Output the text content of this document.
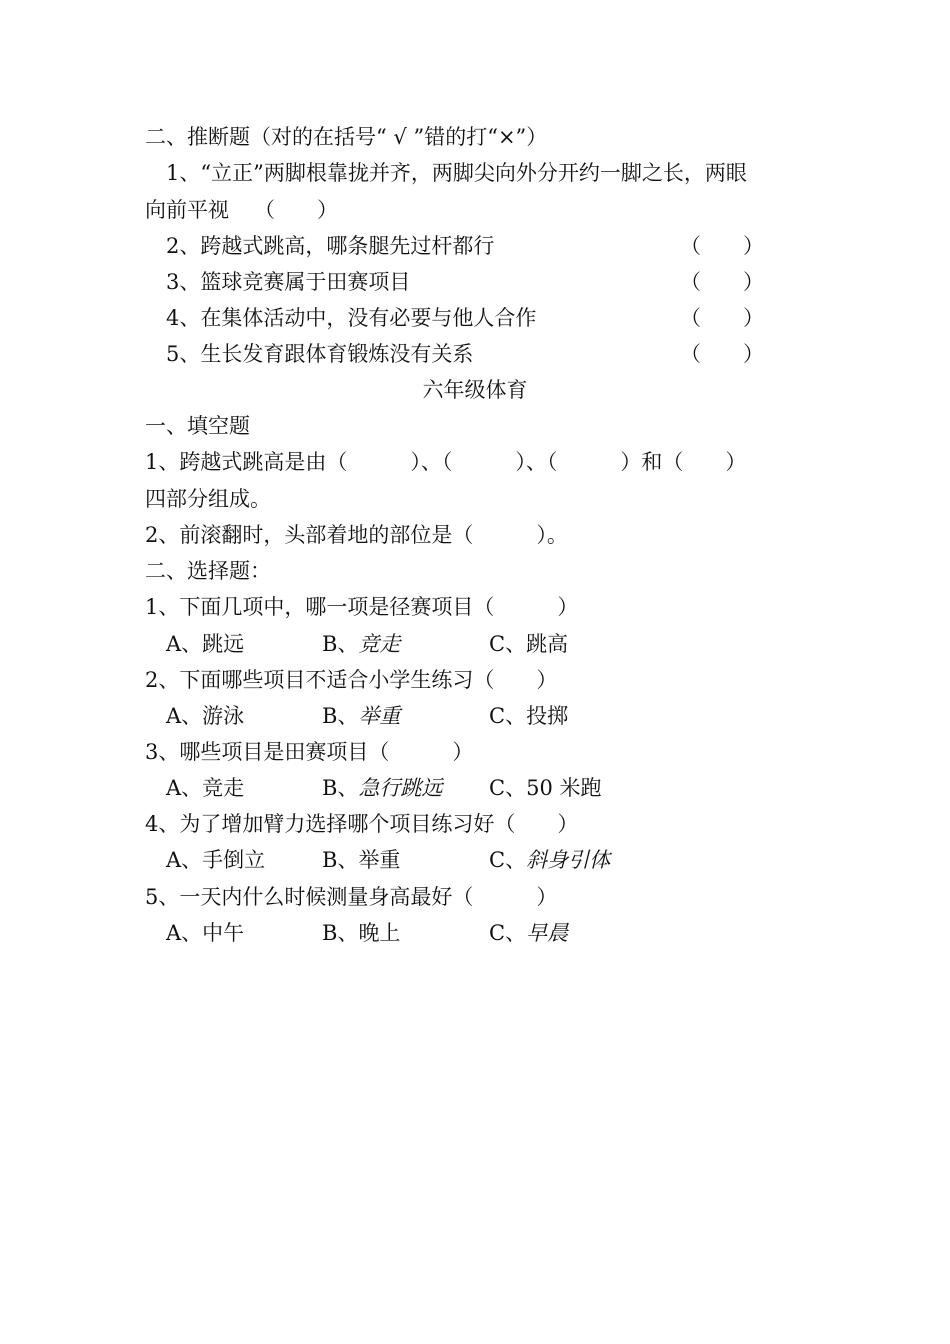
二、推断题（对的在括号“ √ ”错的打“×”）
1、“立正”两脚根靠拢并齐，两脚尖向外分开约一脚之长，两眼
向前平视 （　　）
2、跨越式跳高，哪条腿先过杆都行	（　　）
3、篮球竞赛属于田赛项目	（　　）
4、在集体活动中，没有必要与他人合作	（　　）
5、生长发育跟体育锻炼没有关系	（　　）
六年级体育
一、填空题
1、跨越式跳高是由（　　　）、（　　　）、（　　　）和（　　）
四部分组成。
2、前滚翻时，头部着地的部位是（　　　）。
二、选择题：
1、下面几项中，哪一项是径赛项目（　　　）
A、跳远	B、竞走	C、跳高
2、下面哪些项目不适合小学生练习（　　）
A、游泳	B、举重	C、投掷
3、哪些项目是田赛项目（　　　）
A、竞走	B、急行跳远 C、50 米跑
4、为了增加臂力选择哪个项目练习好（　　）
A、手倒立	B、举重	C、斜身引体
5、一天内什么时候测量身高最好（　　　）
A、中午	B、晚上	C、早晨
